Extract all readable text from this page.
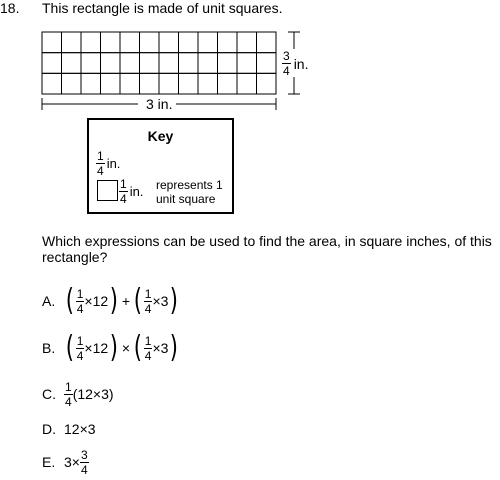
18. This rectangle is made of unit squares.
$\frac{3}{4}$ in.
3 in.
Key
$\frac{1}{4}$ in.
$\frac{1}{4}$ in. represents 1
unit square
Which expressions can be used to find the area, in square inches, of this
rectangle?
A. ( $\frac{1}{4} \times 12$ ) + ( $\frac{1}{4} \times 3$ )
B. ( $\frac{1}{4} \times 12$ ) × ( $\frac{1}{4} \times 3$ )
C. $\frac{1}{4} (12\times 3)$
D. 12×3
E. $3\times \frac{3}{4}$
